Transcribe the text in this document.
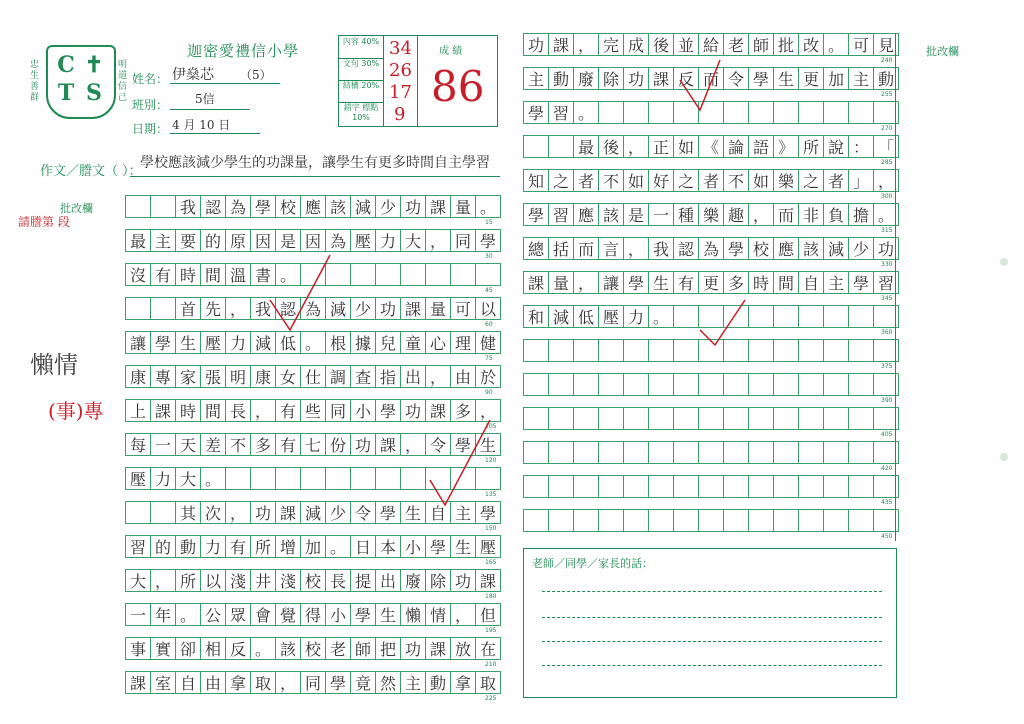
C ✝
T S
忠生善群
明道信己
迦密愛禮信小學
姓名： 伊燊芯 （5）
班別： 5信
日期： 4 月 10 日
內容 40%
文句 30%
結構 20%
錯字 標點 10%
34
26
17
9
成 績
86
作文／謄文（ ）：
學校應該減少學生的功課量，讓學生有更多時間自主學習
批改欄
請謄第 段
懶情
(事)專
我 認 為 學 校 應 該 減 少 功 課 量 。
15
最 主 要 的 原 因 是 因 為 壓 力 大 ， 同 學
30
沒 有 時 間 溫 書 。
45
首 先 ， 我 認 為 減 少 功 課 量 可 以
60
讓 學 生 壓 力 減 低 。 根 據 兒 童 心 理 健
75
康 專 家 張 明 康 女 仕 調 查 指 出 ， 由 於
90
上 課 時 間 長 ， 有 些 同 小 學 功 課 多 ，
105
每 一 天 差 不 多 有 七 份 功 課 ， 令 學 生
120
壓 力 大 。
135
其 次 ， 功 課 減 少 令 學 生 自 主 學
150
習 的 動 力 有 所 增 加 。 日 本 小 學 生 壓
165
大 ， 所 以 淺 井 淺 校 長 提 出 廢 除 功 課
180
一 年 。 公 眾 會 覺 得 小 學 生 懶 情 ， 但
195
事 實 卻 相 反 。 該 校 老 師 把 功 課 放 在
210
課 室 自 由 拿 取 ， 同 學 竟 然 主 動 拿 取
225
功 課 ， 完 成 後 並 給 老 師 批 改 。 可 見
240
主 動 廢 除 功 課 反 而 令 學 生 更 加 主 動
255
學 習 。
270
最 後 ， 正 如 《 論 語 》 所 說 ： 「
285
知 之 者 不 如 好 之 者 不 如 樂 之 者 」 ，
300
學 習 應 該 是 一 種 樂 趣 ， 而 非 負 擔 。
315
總 括 而 言 ， 我 認 為 學 校 應 該 減 少 功
330
課 量 ， 讓 學 生 有 更 多 時 間 自 主 學 習
345
和 減 低 壓 力 。
360
375
390
405
420
435
450
批改欄
老師／同學／家長的話：
